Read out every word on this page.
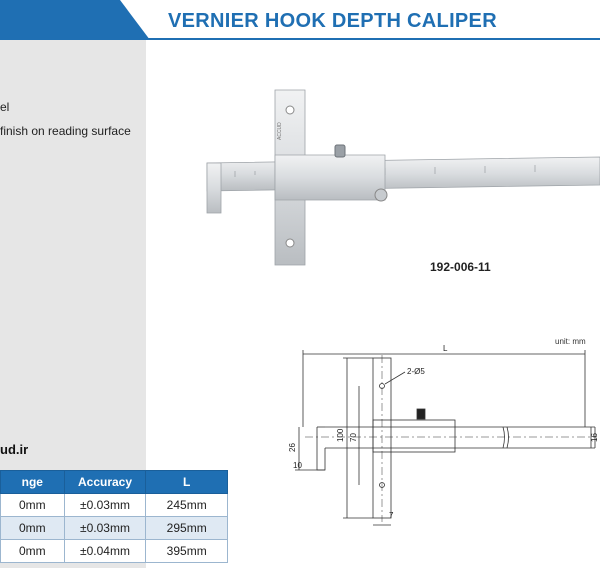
VERNIER HOOK DEPTH CALIPER
el
finish on reading surface
ud.ir
nge	Accuracy	L
0mm	±0.03mm	245mm
0mm	±0.03mm	295mm
0mm	±0.04mm	395mm
ACCUD
192-006-11
unit: mm
L
2-Ø5
26
100 70
10
7
16
